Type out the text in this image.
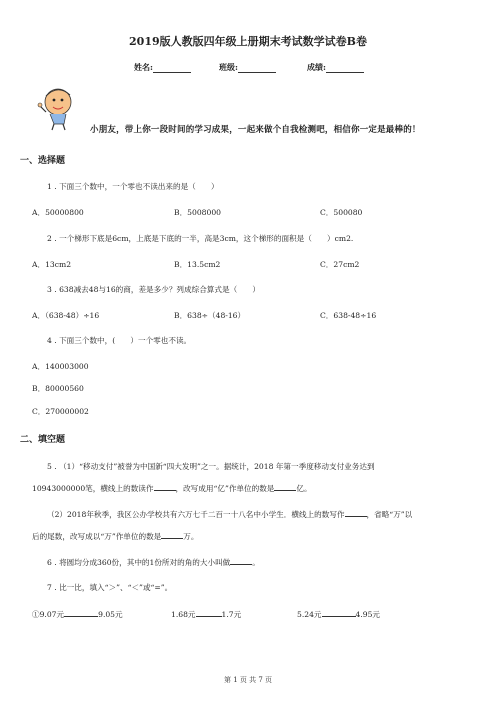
2019版人教版四年级上册期末考试数学试卷B卷
姓名:	班级:	成绩:
小朋友，带上你一段时间的学习成果，一起来做个自我检测吧，相信你一定是最棒的！
一、选择题
1 . 下面三个数中，一个零也不读出来的是（　　）
A．50000800	B．5008000	C．500080
2 . 一个梯形下底是6cm，上底是下底的一半，高是3cm，这个梯形的面积是（　　）cm2.
A．13cm2	B．13.5cm2	C．27cm2
3 . 638减去48与16的商，差是多少？列成综合算式是（　　）
A．（638-48）÷16	B．638÷（48-16）	C．638-48÷16
4 . 下面三个数中，(　　）一个零也不读。
A．140003000
B．80000560
C．270000002
二、填空题
5 . （1）“移动支付”被誉为中国新“四大发明”之一。据统计，2018 年第一季度移动支付业务达到
10943000000笔，横线上的数读作	，改写成用“亿”作单位的数是	亿。
（2）2018年秋季，我区公办学校共有六万七千二百一十八名中小学生．横线上的数写作	，省略“万”以
后的尾数，改写成以“万”作单位的数是	万。
6 . 将圆均分成360份，其中的1份所对的角的大小叫做	。
7 . 比一比，填入“＞”、“＜”或“=”。
①9.07元	9.05元	1.68元	1.7元	5.24元	4.95元
第 1 页 共 7 页
